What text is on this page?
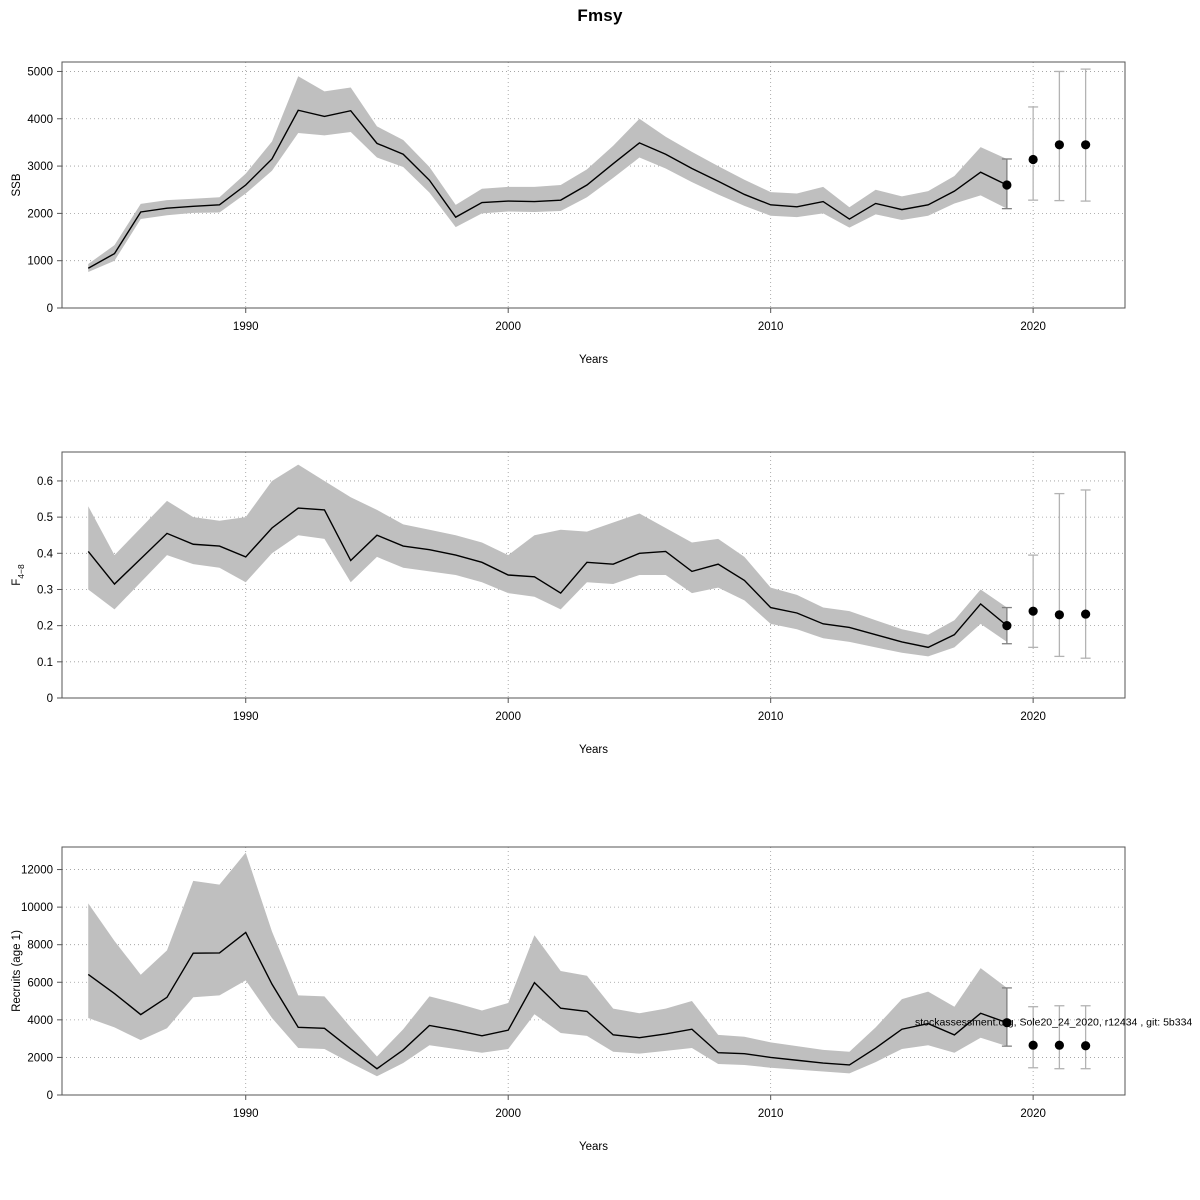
Fmsy
0
1000
2000
3000
4000
5000
1990	2000	2010	2020
Years
SSB
0
0.1
0.2
0.3
0.4
0.5
0.6
1990	2000	2010	2020
Years
$F_{4-8}$
0
2000
4000
6000
8000
10000
12000
1990	2000	2010	2020
Years
Recruits (age 1)
stockassessment.org, Sole20_24_2020, r12434 , git: 5b334
